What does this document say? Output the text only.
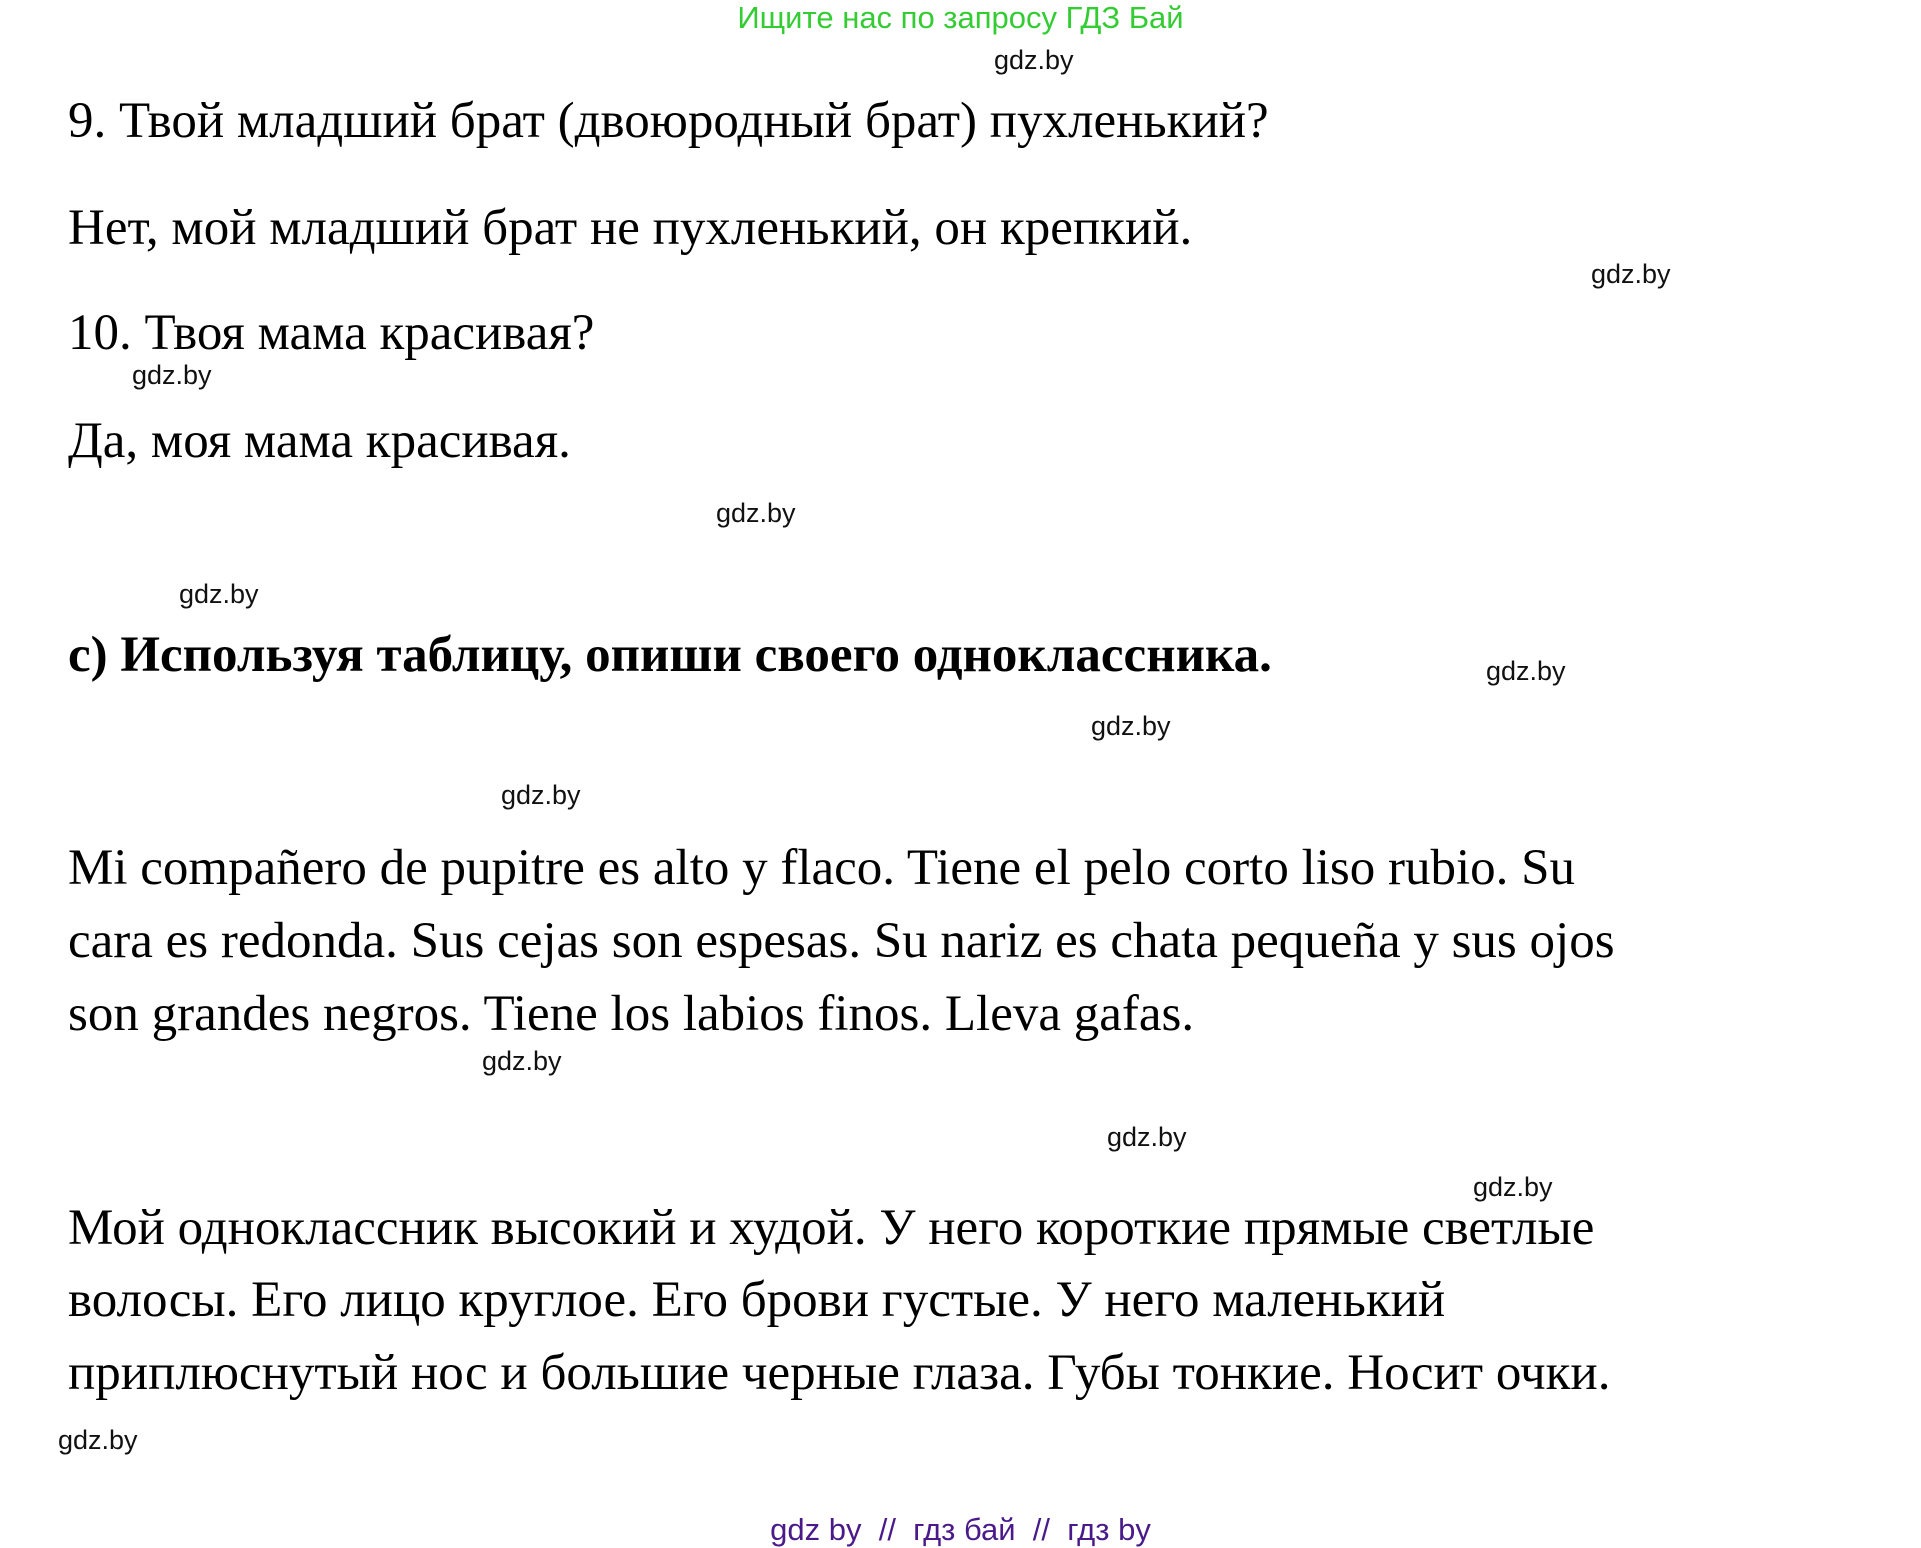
Ищите нас по запросу ГДЗ Бай
9. Твой младший брат (двоюродный брат) пухленький?
Нет, мой младший брат не пухленький, он крепкий.
10. Твоя мама красивая?
Да, моя мама красивая.
c) Используя таблицу, опиши своего одноклассника.
Mi compañero de pupitre es alto y flaco. Tiene el pelo corto liso rubio. Su
cara es redonda. Sus cejas son espesas. Su nariz es chata pequeña y sus ojos
son grandes negros. Tiene los labios finos. Lleva gafas.
Мой одноклассник высокий и худой. У него короткие прямые светлые
волосы. Его лицо круглое. Его брови густые. У него маленький
приплюснутый нос и большие черные глаза. Губы тонкие. Носит очки.
gdz.by
gdz.by
gdz.by
gdz.by
gdz.by
gdz.by
gdz.by
gdz.by
gdz.by
gdz.by
gdz.by
gdz.by
gdz by  //  гдз бай  //  гдз by
